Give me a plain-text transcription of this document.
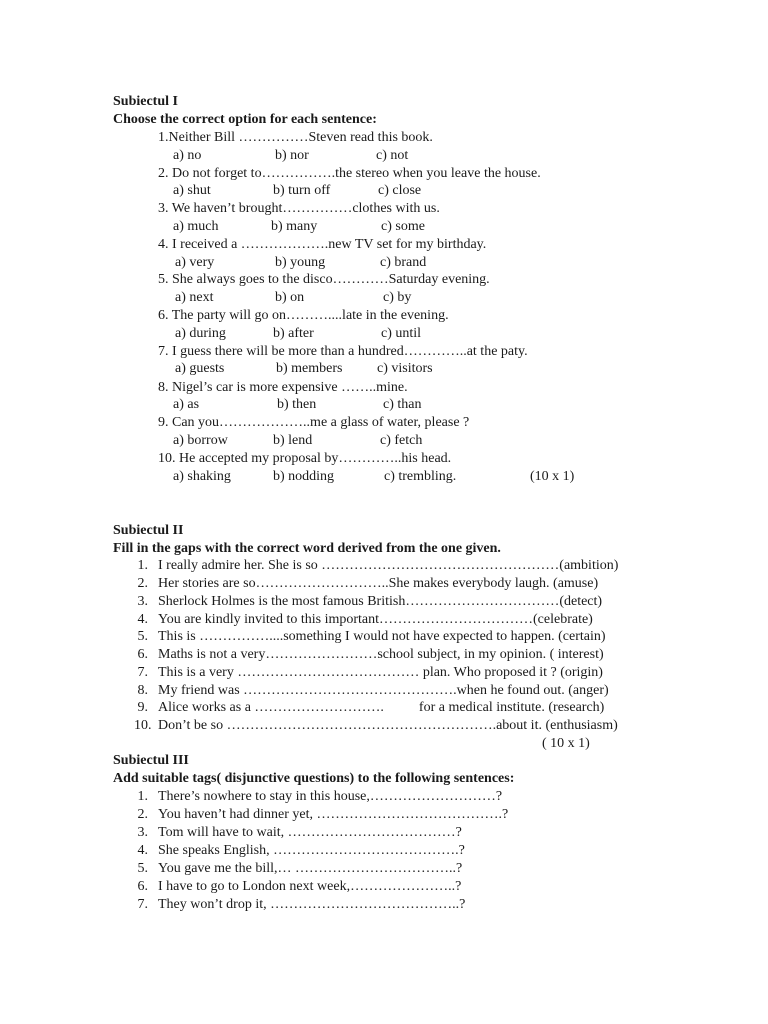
Subiectul I
Choose the correct option for each sentence:
1.Neither Bill ……………Steven read this book.
a) no	b) nor	c) not
2. Do not forget to…………….the stereo when you leave the house.
a) shut	b) turn off	c) close
3. We haven’t brought……………clothes with us.
a) much	b) many	c) some
4. I received a ……………….new TV set for my birthday.
a) very	b) young	c) brand
5. She always goes to the disco…………Saturday evening.
a) next	b) on	c) by
6. The party will go on………....late in the evening.
a) during	b) after	c) until
7. I guess there will be more than a hundred…………..at the paty.
a) guests	b) members c) visitors
8. Nigel’s car is more expensive ……..mine.
a) as	b) then	c) than
9. Can you………………..me a glass of water, please ?
a) borrow	b) lend	c) fetch
10. He accepted my proposal by…………..his head.
a) shaking	b) nodding	c) trembling.	(10 x 1)
Subiectul II
Fill in the gaps with the correct word derived from the one given.
1. I really admire her. She is so ……………………………………………(ambition)
2. Her stories are so………………………..She makes everybody laugh. (amuse)
3. Sherlock Holmes is the most famous British……………………………(detect)
4. You are kindly invited to this important……………………………(celebrate)
5. This is ……………....something I would not have expected to happen. (certain)
6. Maths is not a very……………………school subject, in my opinion. ( interest)
7. This is a very ………………………………… plan. Who proposed it ? (origin)
8. My friend was ……………………………………….when he found out. (anger)
9. Alice works as a ……………………….          for a medical institute. (research)
10. Don’t be so ………………………………………………….about it. (enthusiasm)
( 10 x 1)
Subiectul III
Add suitable tags( disjunctive questions) to the following sentences:
1. There’s nowhere to stay in this house,………………………?
2. You haven’t had dinner yet, ………………………………….?
3. Tom will have to wait, ………………………………?
4. She speaks English, ………………………………….?
5. You gave me the bill,… ……………………………..?
6. I have to go to London next week,…………………..?
7. They won’t drop it, …………………………………..?
